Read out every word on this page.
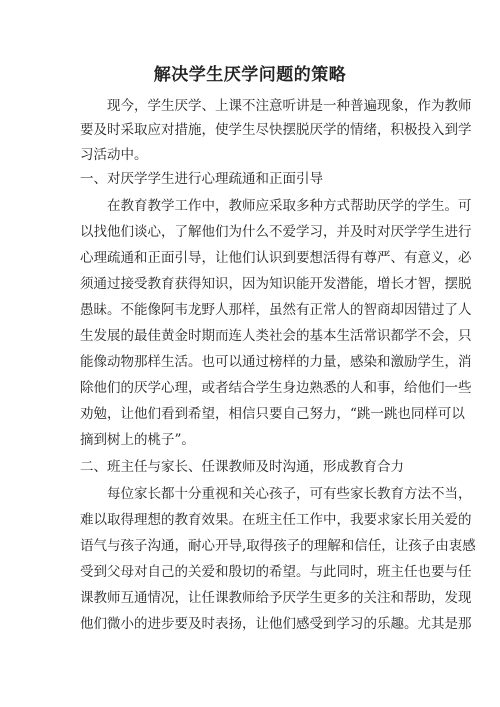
解决学生厌学问题的策略

现今，学生厌学、上课不注意听讲是一种普遍现象，作为教师

要及时采取应对措施，使学生尽快摆脱厌学的情绪，积极投入到学

习活动中。

一、对厌学学生进行心理疏通和正面引导

在教育教学工作中，教师应采取多种方式帮助厌学的学生。可

以找他们谈心，了解他们为什么不爱学习，并及时对厌学学生进行

心理疏通和正面引导，让他们认识到要想活得有尊严、有意义，必

须通过接受教育获得知识，因为知识能开发潜能，增长才智，摆脱

愚昧。不能像阿韦龙野人那样，虽然有正常人的智商却因错过了人

生发展的最佳黄金时期而连人类社会的基本生活常识都学不会，只

能像动物那样生活。也可以通过榜样的力量，感染和激励学生，消

除他们的厌学心理，或者结合学生身边熟悉的人和事，给他们一些

劝勉，让他们看到希望，相信只要自己努力，“跳一跳也同样可以

摘到树上的桃子”。

二、班主任与家长、任课教师及时沟通，形成教育合力

每位家长都十分重视和关心孩子，可有些家长教育方法不当，

难以取得理想的教育效果。在班主任工作中，我要求家长用关爱的

语气与孩子沟通，耐心开导,取得孩子的理解和信任，让孩子由衷感

受到父母对自己的关爱和殷切的希望。与此同时，班主任也要与任

课教师互通情况，让任课教师给予厌学生更多的关注和帮助，发现

他们微小的进步要及时表扬，让他们感受到学习的乐趣。尤其是那
